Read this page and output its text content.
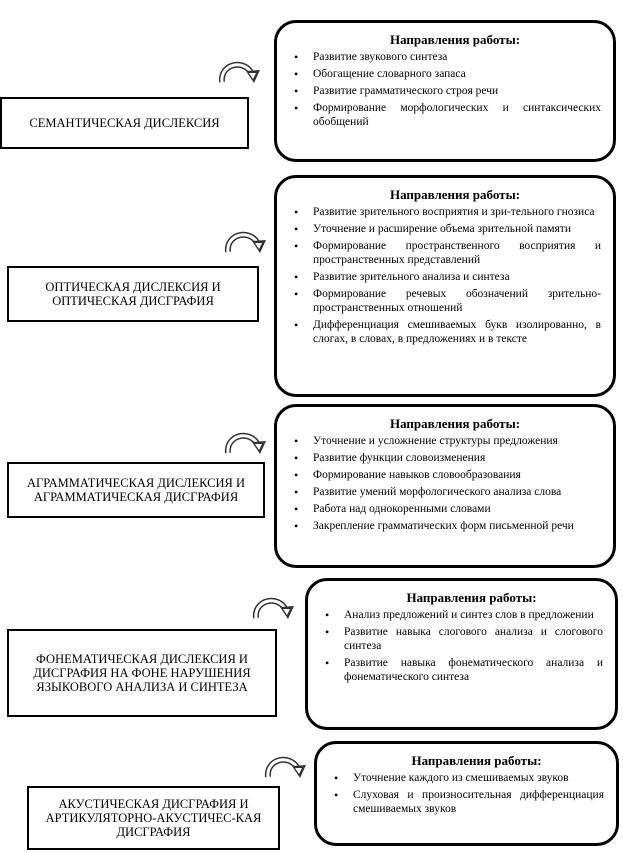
СЕМАНТИЧЕСКАЯ ДИСЛЕКСИЯ
Направления работы:
• Развитие звукового синтеза
• Обогащение словарного запаса
• Развитие грамматического строя речи
• Формирование морфологических и синтаксических обобщений
ОПТИЧЕСКАЯ ДИСЛЕКСИЯ И
ОПТИЧЕСКАЯ ДИСГРАФИЯ
Направления работы:
• Развитие зрительного восприятия и зри-тельного гнозиса
• Уточнение и расширение объема зрительной памяти
• Формирование пространственного восприятия и пространственных представлений
• Развитие зрительного анализа и синтеза
• Формирование речевых обозначений зрительно-пространственных отношений
• Дифференциация смешиваемых букв изолированно, в слогах, в словах, в предложениях и в тексте
АГРАММАТИЧЕСКАЯ ДИСЛЕКСИЯ И
АГРАММАТИЧЕСКАЯ ДИСГРАФИЯ
Направления работы:
• Уточнение и усложнение структуры предложения
• Развитие функции словоизменения
• Формирование навыков словообразования
• Развитие умений морфологического анализа слова
• Работа над однокоренными словами
• Закрепление грамматических форм письменной речи
ФОНЕМАТИЧЕСКАЯ ДИСЛЕКСИЯ И
ДИСГРАФИЯ НА ФОНЕ НАРУШЕНИЯ
ЯЗЫКОВОГО АНАЛИЗА И СИНТЕЗА
Направления работы:
• Анализ предложений и синтез слов в предложении
• Развитие навыка слогового анализа и слогового синтеза
• Развитие навыка фонематического анализа и фонематического синтеза
АКУСТИЧЕСКАЯ ДИСГРАФИЯ И
АРТИКУЛЯТОРНО-АКУСТИЧЕС-КАЯ
ДИСГРАФИЯ
Направления работы:
• Уточнение каждого из смешиваемых звуков
• Слуховая и произносительная дифференциация смешиваемых звуков
